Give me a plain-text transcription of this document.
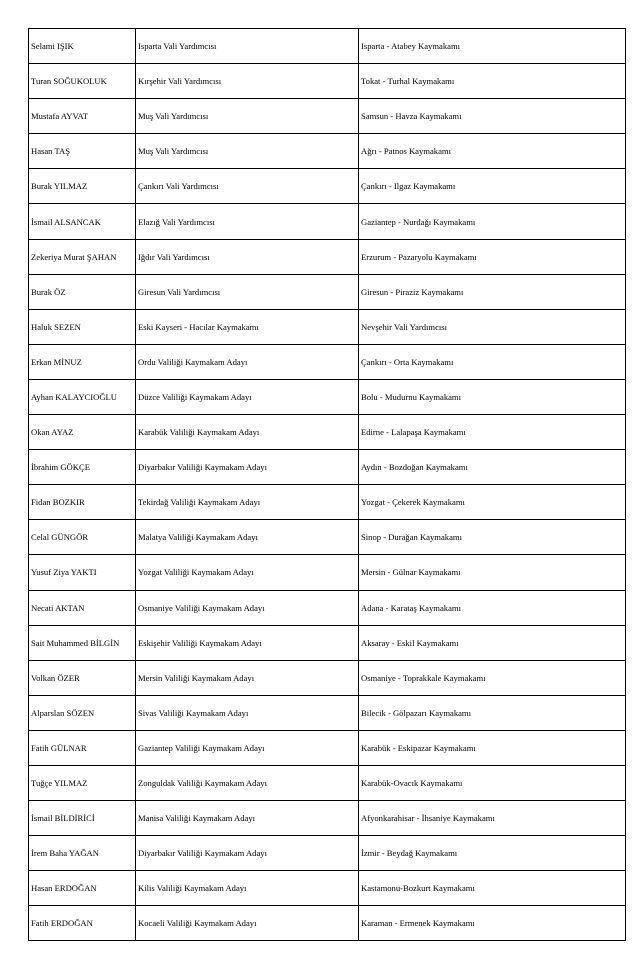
Selami IŞIK	Isparta Vali Yardımcısı	Isparta - Atabey Kaymakamı
Turan SOĞUKOLUK	Kırşehir Vali Yardımcısı	Tokat - Turhal Kaymakamı
Mustafa AYVAT	Muş Vali Yardımcısı	Samsun - Havza Kaymakamı
Hasan TAŞ	Muş Vali Yardımcısı	Ağrı - Patnos Kaymakamı
Burak YILMAZ	Çankırı Vali Yardımcısı	Çankırı - Ilgaz Kaymakamı
İsmail ALSANCAK	Elazığ Vali Yardımcısı	Gaziantep - Nurdağı Kaymakamı
Zekeriya Murat ŞAHAN	Iğdır Vali Yardımcısı	Erzurum - Pazaryolu Kaymakamı
Burak ÖZ	Giresun Vali Yardımcısı	Giresun - Piraziz Kaymakamı
Haluk SEZEN	Eski Kayseri - Hacılar Kaymakamı	Nevşehir Vali Yardımcısı
Erkan MİNUZ	Ordu Valiliği Kaymakam Adayı	Çankırı - Orta Kaymakamı
Ayhan KALAYCIOĞLU	Düzce Valiliği Kaymakam Adayı	Bolu - Mudurnu Kaymakamı
Okan AYAZ	Karabük Valiliği Kaymakam Adayı	Edirne - Lalapaşa Kaymakamı
İbrahim GÖKÇE	Diyarbakır Valiliği Kaymakam Adayı	Aydın - Bozdoğan Kaymakamı
Fidan BOZKIR	Tekirdağ Valiliği Kaymakam Adayı	Yozgat - Çekerek Kaymakamı
Celal GÜNGÖR	Malatya Valiliği Kaymakam Adayı	Sinop - Durağan Kaymakamı
Yusuf Ziya YAKTI	Yozgat Valiliği Kaymakam Adayı	Mersin - Gülnar Kaymakamı
Necati AKTAN	Osmaniye Valiliği Kaymakam Adayı	Adana - Karataş Kaymakamı
Sait Muhammed BİLGİN	Eskişehir Valiliği Kaymakam Adayı	Aksaray - Eskil Kaymakamı
Volkan ÖZER	Mersin Valiliği Kaymakam Adayı	Osmaniye - Toprakkale Kaymakamı
Alparslan SÖZEN	Sivas Valiliği Kaymakam Adayı	Bilecik - Gölpazarı Kaymakamı
Fatih GÜLNAR	Gaziantep Valiliği Kaymakam Adayı	Karabük - Eskipazar Kaymakamı
Tuğçe YILMAZ	Zonguldak Valiliği Kaymakam Adayı	Karabük-Ovacık Kaymakamı
İsmail BİLDİRİCİ	Manisa Valiliği Kaymakam Adayı	Afyonkarahisar - İhsaniye Kaymakamı
İrem Baha YAĞAN	Diyarbakır Valiliği Kaymakam Adayı	İzmir - Beydağ Kaymakamı
Hasan ERDOĞAN	Kilis Valiliği Kaymakam Adayı	Kastamonu-Bozkurt Kaymakamı
Fatih ERDOĞAN	Kocaeli Valiliği Kaymakam Adayı	Karaman - Ermenek Kaymakamı
